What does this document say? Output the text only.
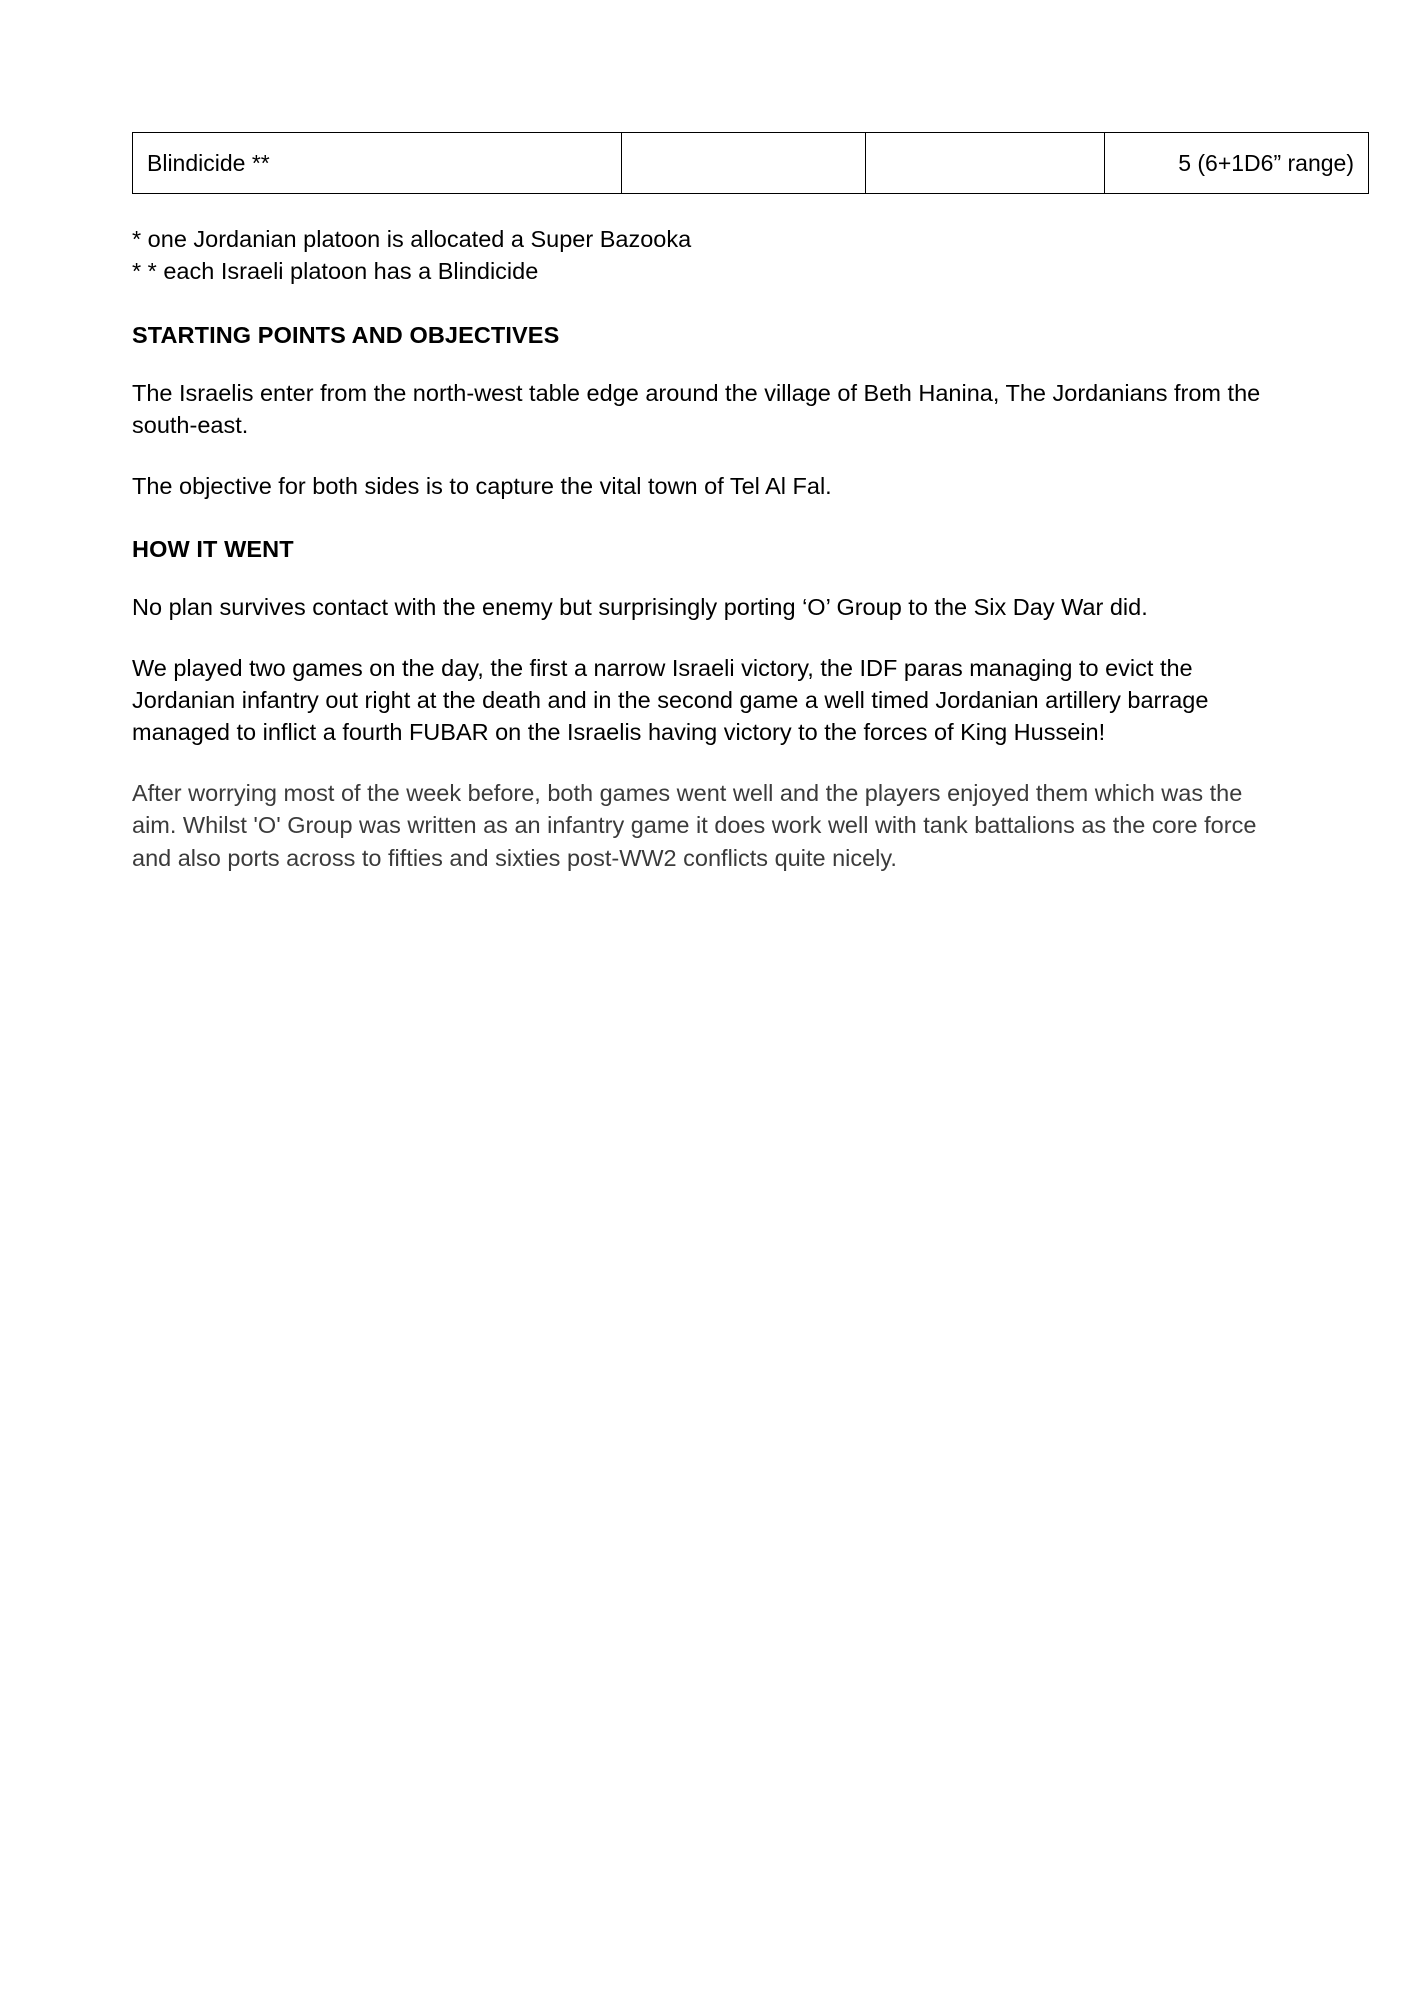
Blindicide **			5 (6+1D6” range)
* one Jordanian platoon is allocated a Super Bazooka
* * each Israeli platoon has a Blindicide
STARTING POINTS AND OBJECTIVES

The Israelis enter from the north-west table edge around the village of Beth Hanina, The Jordanians from the south-east.

The objective for both sides is to capture the vital town of Tel Al Fal.

HOW IT WENT

No plan survives contact with the enemy but surprisingly porting ‘O’ Group to the Six Day War did.

We played two games on the day, the first a narrow Israeli victory, the IDF paras managing to evict the Jordanian infantry out right at the death and in the second game a well timed Jordanian artillery barrage managed to inflict a fourth FUBAR on the Israelis having victory to the forces of King Hussein!

After worrying most of the week before, both games went well and the players enjoyed them which was the aim. Whilst 'O' Group was written as an infantry game it does work well with tank battalions as the core force and also ports across to fifties and sixties post-WW2 conflicts quite nicely.
